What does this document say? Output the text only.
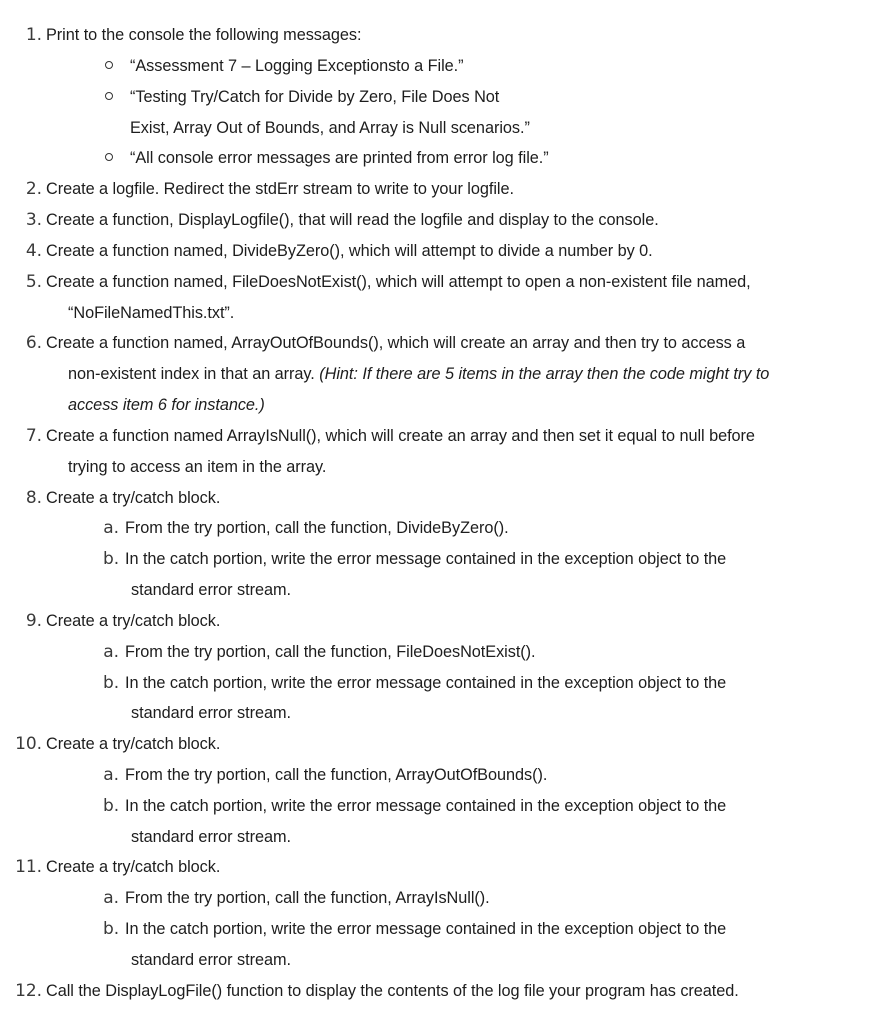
1. Print to the console the following messages:
“Assessment 7 – Logging Exceptionsto a File.”
“Testing Try/Catch for Divide by Zero, File Does Not
Exist, Array Out of Bounds, and Array is Null scenarios.”
“All console error messages are printed from error log file.”
2. Create a logfile. Redirect the stdErr stream to write to your logfile.
3. Create a function, DisplayLogfile(), that will read the logfile and display to the console.
4. Create a function named, DivideByZero(), which will attempt to divide a number by 0.
5. Create a function named, FileDoesNotExist(), which will attempt to open a non-existent file named,
“NoFileNamedThis.txt”.
6. Create a function named, ArrayOutOfBounds(), which will create an array and then try to access a
non-existent index in that an array. (Hint: If there are 5 items in the array then the code might try to
access item 6 for instance.)
7. Create a function named ArrayIsNull(), which will create an array and then set it equal to null before
trying to access an item in the array.
8. Create a try/catch block.
a. From the try portion, call the function, DivideByZero().
b. In the catch portion, write the error message contained in the exception object to the
standard error stream.
9. Create a try/catch block.
a. From the try portion, call the function, FileDoesNotExist().
b. In the catch portion, write the error message contained in the exception object to the
standard error stream.
10. Create a try/catch block.
a. From the try portion, call the function, ArrayOutOfBounds().
b. In the catch portion, write the error message contained in the exception object to the
standard error stream.
11. Create a try/catch block.
a. From the try portion, call the function, ArrayIsNull().
b. In the catch portion, write the error message contained in the exception object to the
standard error stream.
12. Call the DisplayLogFile() function to display the contents of the log file your program has created.
